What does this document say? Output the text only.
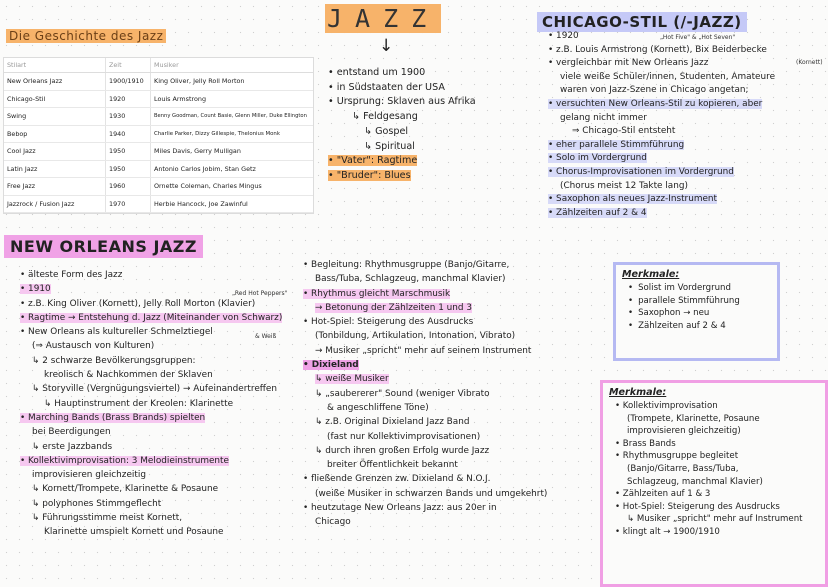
Die Geschichte des Jazz
Stilart	Zeit	Musiker
New Orleans Jazz	1900/1910	King Oliver, Jelly Roll Morton
Chicago-Stil	1920	Louis Armstrong
Swing	1930	Benny Goodman, Count Basie, Glenn Miller, Duke Ellington
Bebop	1940	Charlie Parker, Dizzy Gillespie, Thelonius Monk
Cool Jazz	1950	Miles Davis, Gerry Mulligan
Latin Jazz	1950	Antonio Carlos Jobim, Stan Getz
Free Jazz	1960	Ornette Coleman, Charles Mingus
Jazzrock / Fusion Jazz	1970	Herbie Hancock, Joe Zawinful
JAZZ
↓
• entstand um 1900
• in Südstaaten der USA
• Ursprung: Sklaven aus Afrika
↳ Feldgesang
↳ Gospel
↳ Spiritual
• "Vater": Ragtime
• "Bruder": Blues
CHICAGO-STIL (/-JAZZ)
„Hot Five" & „Hot Seven"
(Kornett)
• 1920
• z.B. Louis Armstrong (Kornett), Bix Beiderbecke
• vergleichbar mit New Orleans Jazz
viele weiße Schüler/innen, Studenten, Amateure
waren von Jazz-Szene in Chicago angetan;
• versuchten New Orleans-Stil zu kopieren, aber
gelang nicht immer
⇒ Chicago-Stil entsteht
• eher parallele Stimmführung
• Solo im Vordergrund
• Chorus-Improvisationen im Vordergrund
(Chorus meist 12 Takte lang)
• Saxophon als neues Jazz-Instrument
• Zählzeiten auf 2 & 4
NEW ORLEANS JAZZ
„Red Hot Peppers"
& Weiß
• älteste Form des Jazz
• 1910
• z.B. King Oliver (Kornett), Jelly Roll Morton (Klavier)
• Ragtime → Entstehung d. Jazz (Miteinander von Schwarz)
• New Orleans als kultureller Schmelztiegel
(⇒ Austausch von Kulturen)
↳ 2 schwarze Bevölkerungsgruppen:
kreolisch & Nachkommen der Sklaven
↳ Storyville (Vergnügungsviertel) → Aufeinandertreffen
↳ Hauptinstrument der Kreolen: Klarinette
• Marching Bands (Brass Brands) spielten
bei Beerdigungen
↳ erste Jazzbands
• Kollektivimprovisation: 3 Melodieinstrumente
improvisieren gleichzeitig
↳ Kornett/Trompete, Klarinette & Posaune
↳ polyphones Stimmgeflecht
↳ Führungsstimme meist Kornett,
Klarinette umspielt Kornett und Posaune
• Begleitung: Rhythmusgruppe (Banjo/Gitarre,
Bass/Tuba, Schlagzeug, manchmal Klavier)
• Rhythmus gleicht Marschmusik
→ Betonung der Zählzeiten 1 und 3
• Hot-Spiel: Steigerung des Ausdrucks
(Tonbildung, Artikulation, Intonation, Vibrato)
→ Musiker „spricht" mehr auf seinem Instrument
• Dixieland
↳ weiße Musiker
↳ „saubererer" Sound (weniger Vibrato
& angeschliffene Töne)
↳ z.B. Original Dixieland Jazz Band
(fast nur Kollektivimprovisationen)
↳ durch ihren großen Erfolg wurde Jazz
breiter Öffentlichkeit bekannt
• fließende Grenzen zw. Dixieland & N.O.J.
(weiße Musiker in schwarzen Bands und umgekehrt)
• heutzutage New Orleans Jazz: aus 20er in
Chicago
Merkmale:
• Solist im Vordergrund
• parallele Stimmführung
• Saxophon → neu
• Zählzeiten auf 2 & 4
Merkmale:
• Kollektivimprovisation
(Trompete, Klarinette, Posaune
improvisieren gleichzeitig)
• Brass Bands
• Rhythmusgruppe begleitet
(Banjo/Gitarre, Bass/Tuba,
Schlagzeug, manchmal Klavier)
• Zählzeiten auf 1 & 3
• Hot-Spiel: Steigerung des Ausdrucks
↳ Musiker „spricht" mehr auf Instrument
• klingt alt → 1900/1910
